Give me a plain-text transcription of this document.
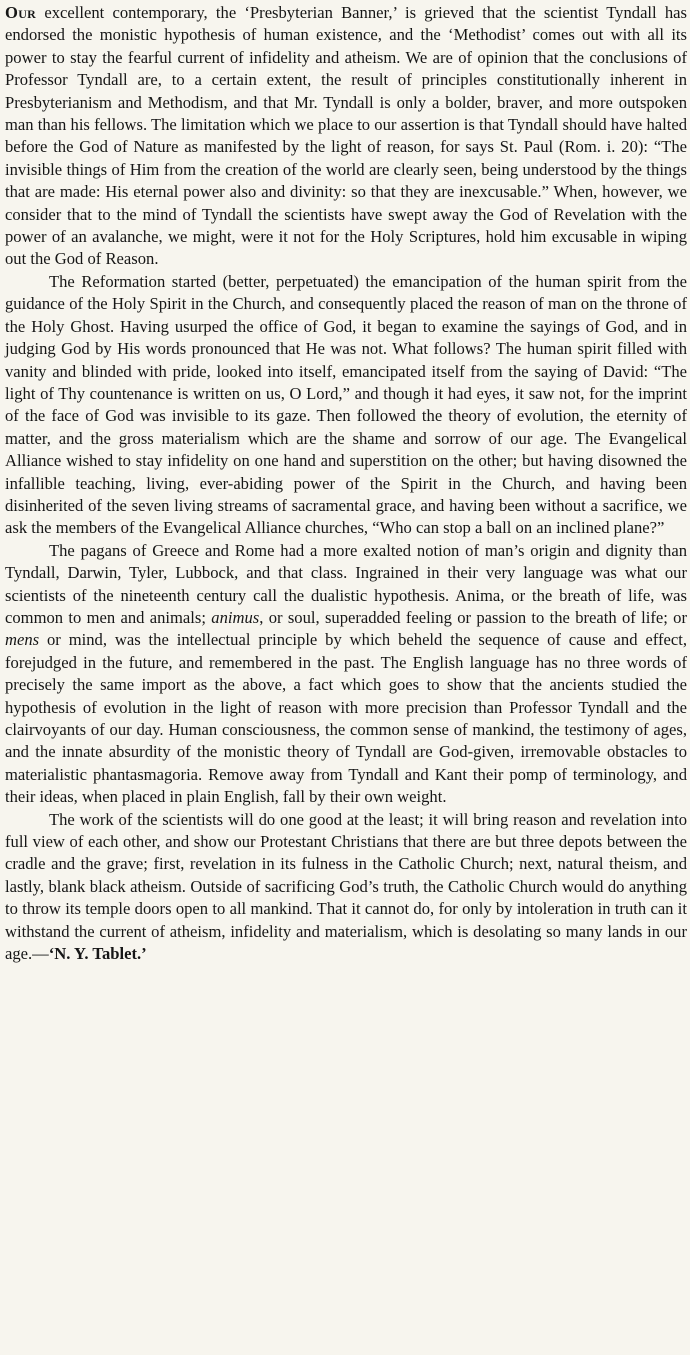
Our excellent contemporary, the ‘Presbyterian Banner,’ is grieved that the scientist Tyndall has endorsed the monistic hypothesis of human existence, and the ‘Methodist’ comes out with all its power to stay the fearful current of infidelity and atheism. We are of opinion that the conclusions of Professor Tyndall are, to a certain extent, the result of principles constitutionally inherent in Presbyterianism and Methodism, and that Mr. Tyndall is only a bolder, braver, and more outspoken man than his fellows. The limitation which we place to our assertion is that Tyndall should have halted before the God of Nature as manifested by the light of reason, for says St. Paul (Rom. i. 20): “The invisible things of Him from the creation of the world are clearly seen, being understood by the things that are made: His eternal power also and divinity: so that they are inexcusable.” When, however, we consider that to the mind of Tyndall the scientists have swept away the God of Revelation with the power of an avalanche, we might, were it not for the Holy Scriptures, hold him excusable in wiping out the God of Reason.

The Reformation started (better, perpetuated) the emancipation of the human spirit from the guidance of the Holy Spirit in the Church, and consequently placed the reason of man on the throne of the Holy Ghost. Having usurped the office of God, it began to examine the sayings of God, and in judging God by His words pronounced that He was not. What follows? The human spirit filled with vanity and blinded with pride, looked into itself, emancipated itself from the saying of David: “The light of Thy countenance is written on us, O Lord,” and though it had eyes, it saw not, for the imprint of the face of God was invisible to its gaze. Then followed the theory of evolution, the eternity of matter, and the gross materialism which are the shame and sorrow of our age. The Evangelical Alliance wished to stay infidelity on one hand and superstition on the other; but having disowned the infallible teaching, living, ever-abiding power of the Spirit in the Church, and having been disinherited of the seven living streams of sacramental grace, and having been without a sacrifice, we ask the members of the Evangelical Alliance churches, “Who can stop a ball on an inclined plane?”

The pagans of Greece and Rome had a more exalted notion of man’s origin and dignity than Tyndall, Darwin, Tyler, Lubbock, and that class. Ingrained in their very language was what our scientists of the nineteenth century call the dualistic hypothesis. Anima, or the breath of life, was common to men and animals; animus, or soul, superadded feeling or passion to the breath of life; or mens or mind, was the intellectual principle by which beheld the sequence of cause and effect, forejudged in the future, and remembered in the past. The English language has no three words of precisely the same import as the above, a fact which goes to show that the ancients studied the hypothesis of evolution in the light of reason with more precision than Professor Tyndall and the clairvoyants of our day. Human consciousness, the common sense of mankind, the testimony of ages, and the innate absurdity of the monistic theory of Tyndall are God-given, irremovable obstacles to materialistic phantasmagoria. Remove away from Tyndall and Kant their pomp of terminology, and their ideas, when placed in plain English, fall by their own weight.

The work of the scientists will do one good at the least; it will bring reason and revelation into full view of each other, and show our Protestant Christians that there are but three depots between the cradle and the grave; first, revelation in its fulness in the Catholic Church; next, natural theism, and lastly, blank black atheism. Outside of sacrificing God’s truth, the Catholic Church would do anything to throw its temple doors open to all mankind. That it cannot do, for only by intoleration in truth can it withstand the current of atheism, infidelity and materialism, which is desolating so many lands in our age.—‘N. Y. Tablet.’
